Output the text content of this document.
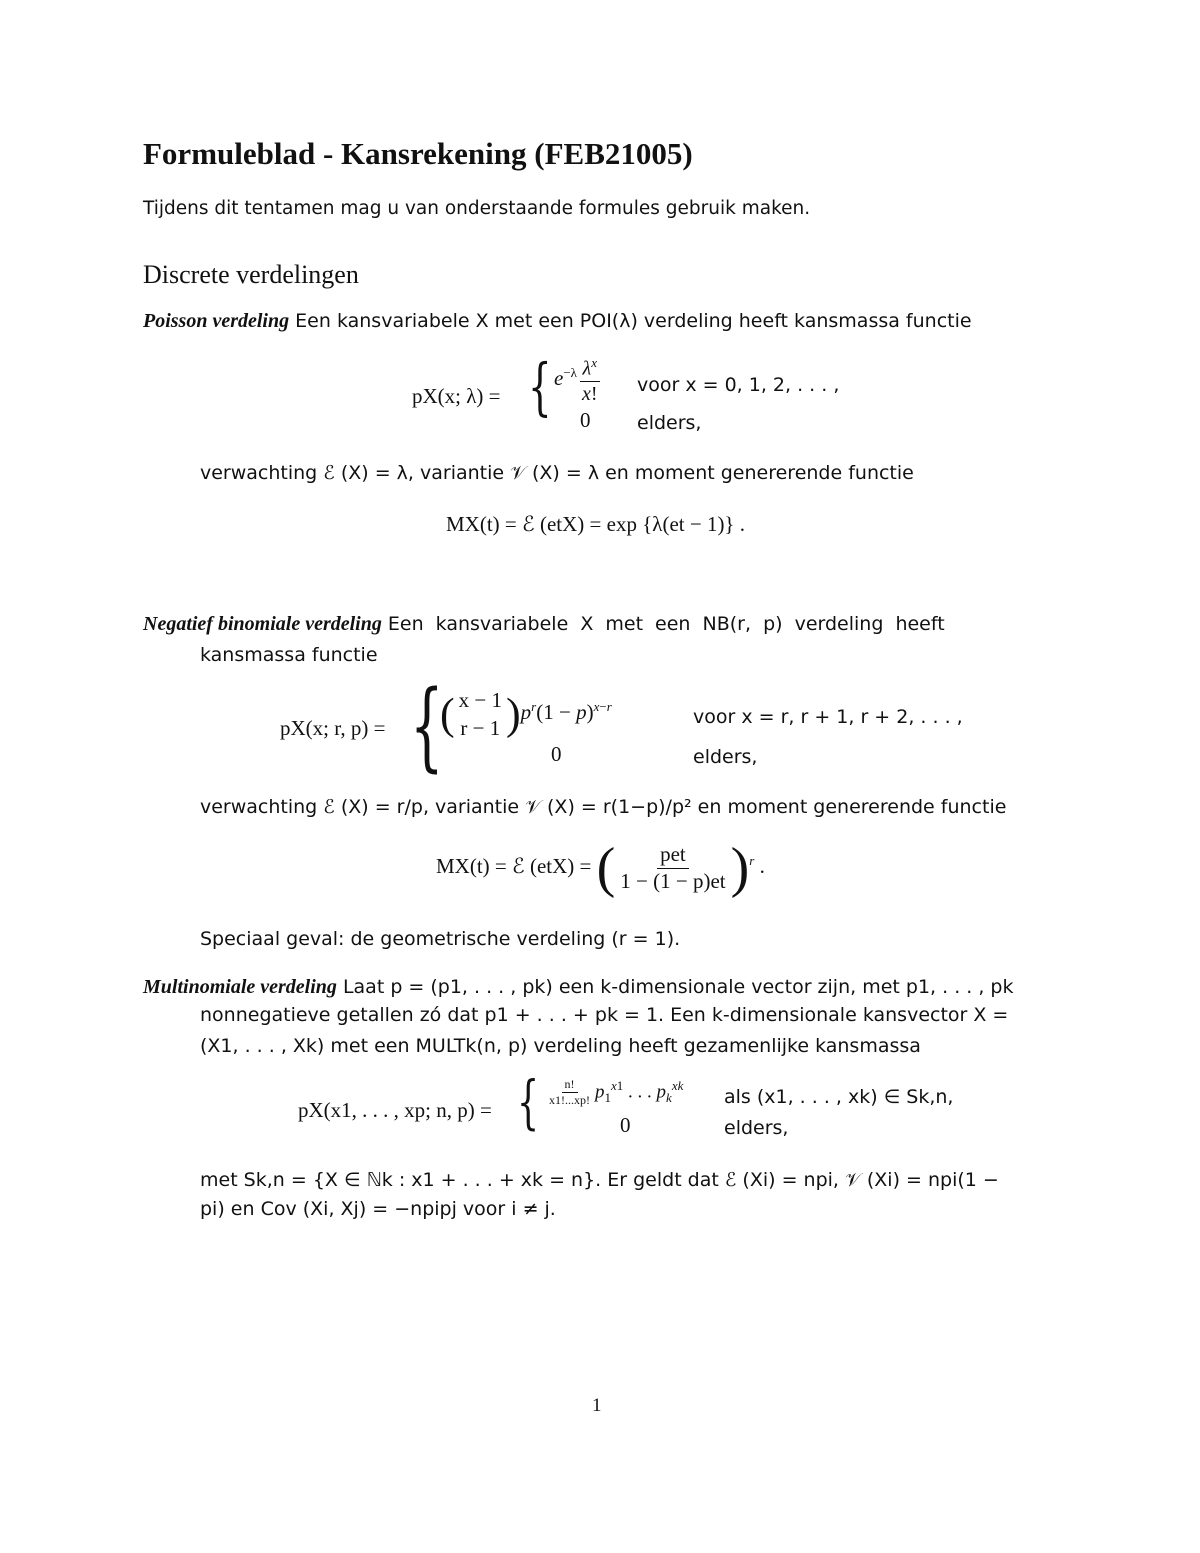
Formuleblad - Kansrekening (FEB21005)
Tijdens dit tentamen mag u van onderstaande formules gebruik maken.
Discrete verdelingen
Poisson verdeling Een kansvariabele X met een POI(λ) verdeling heeft kansmassa functie
pX(x; λ) = { $e^{-\lambda} \frac{\lambda^x}{x!}$ voor x = 0, 1, 2, . . . ,
0 elders,
verwachting ℰ (X) = λ, variantie 𝒱 (X) = λ en moment genererende functie
MX(t) = ℰ (etX) = exp {λ(et − 1)} .
Negatief binomiale verdeling Een kansvariabele X met een NB(r, p) verdeling heeft
kansmassa functie
pX(x; r, p) = {
( x − 1
r − 1 )$p^r(1 - p)^{x-r}$	voor x = r, r + 1, r + 2, . . . ,
0	elders,
verwachting ℰ (X) = r/p, variantie 𝒱 (X) = r(1−p)/p² en moment genererende functie
MX(t) = ℰ (etX) = ( $\frac{\text{pet}}{1 - (1 - p)et} )^r$ .
Speciaal geval: de geometrische verdeling (r = 1).
Multinomiale verdeling Laat p = (p1, . . . , pk) een k-dimensionale vector zijn, met p1, . . . , pk
nonnegatieve getallen zó dat p1 + . . . + pk = 1. Een k-dimensionale kansvector X =
(X1, . . . , Xk) met een MULTk(n, p) verdeling heeft gezamenlijke kansmassa
pX(x1, . . . , xp; n, p) = { $\frac{n!}{x1!...xp!} p_1^{x1}$ . . . $p_k^{xk}$
als (x1, . . . , xk) ∈ Sk,n,
0	elders,
met Sk,n = {X ∈ ℕk : x1 + . . . + xk = n}. Er geldt dat ℰ (Xi) = npi, 𝒱 (Xi) = npi(1 −
pi) en Cov (Xi, Xj) = −npipj voor i ≠ j.
1
